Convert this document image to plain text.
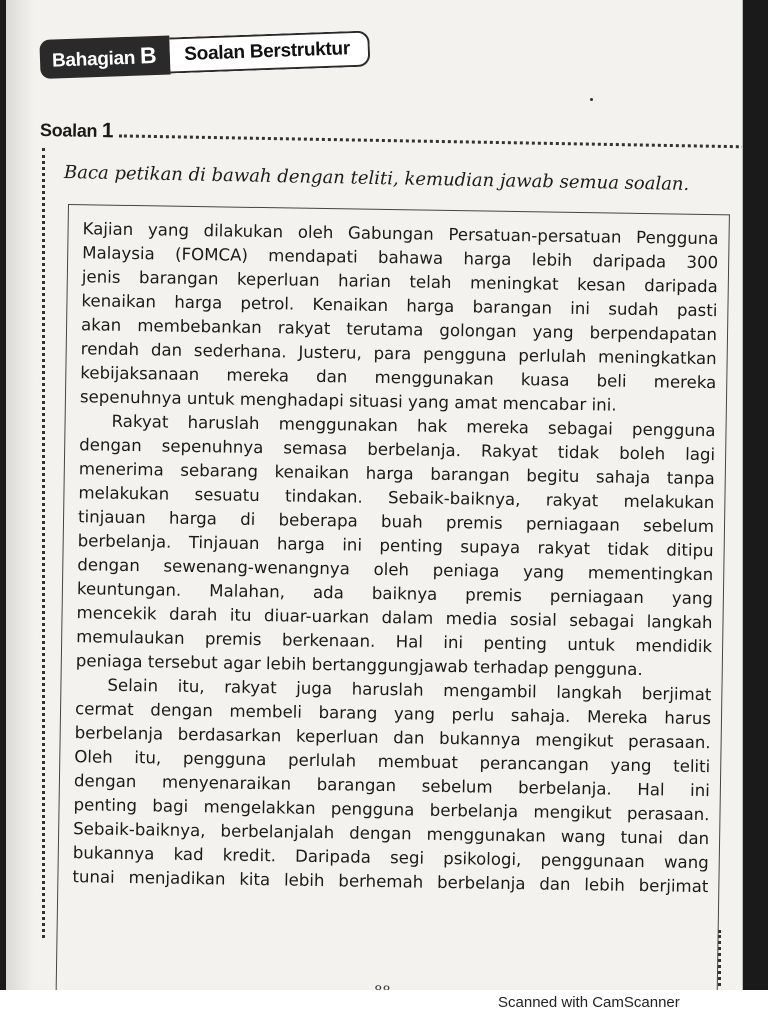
Bahagian B	Soalan Berstruktur
Soalan 1
Baca petikan di bawah dengan teliti, kemudian jawab semua soalan.
Kajian yang dilakukan oleh Gabungan Persatuan-persatuan Pengguna
Malaysia (FOMCA) mendapati bahawa harga lebih daripada 300
jenis barangan keperluan harian telah meningkat kesan daripada
kenaikan harga petrol. Kenaikan harga barangan ini sudah pasti
akan membebankan rakyat terutama golongan yang berpendapatan
rendah dan sederhana. Justeru, para pengguna perlulah meningkatkan
kebijaksanaan mereka dan menggunakan kuasa beli mereka
sepenuhnya untuk menghadapi situasi yang amat mencabar ini.
Rakyat haruslah menggunakan hak mereka sebagai pengguna
dengan sepenuhnya semasa berbelanja. Rakyat tidak boleh lagi
menerima sebarang kenaikan harga barangan begitu sahaja tanpa
melakukan sesuatu tindakan. Sebaik-baiknya, rakyat melakukan
tinjauan harga di beberapa buah premis perniagaan sebelum
berbelanja. Tinjauan harga ini penting supaya rakyat tidak ditipu
dengan sewenang-wenangnya oleh peniaga yang mementingkan
keuntungan. Malahan, ada baiknya premis perniagaan yang
mencekik darah itu diuar-uarkan dalam media sosial sebagai langkah
memulaukan premis berkenaan. Hal ini penting untuk mendidik
peniaga tersebut agar lebih bertanggungjawab terhadap pengguna.
Selain itu, rakyat juga haruslah mengambil langkah berjimat
cermat dengan membeli barang yang perlu sahaja. Mereka harus
berbelanja berdasarkan keperluan dan bukannya mengikut perasaan.
Oleh itu, pengguna perlulah membuat perancangan yang teliti
dengan menyenaraikan barangan sebelum berbelanja. Hal ini
penting bagi mengelakkan pengguna berbelanja mengikut perasaan.
Sebaik-baiknya, berbelanjalah dengan menggunakan wang tunai dan
bukannya kad kredit. Daripada segi psikologi, penggunaan wang
tunai menjadikan kita lebih berhemah berbelanja dan lebih berjimat
Scanned with CamScanner
